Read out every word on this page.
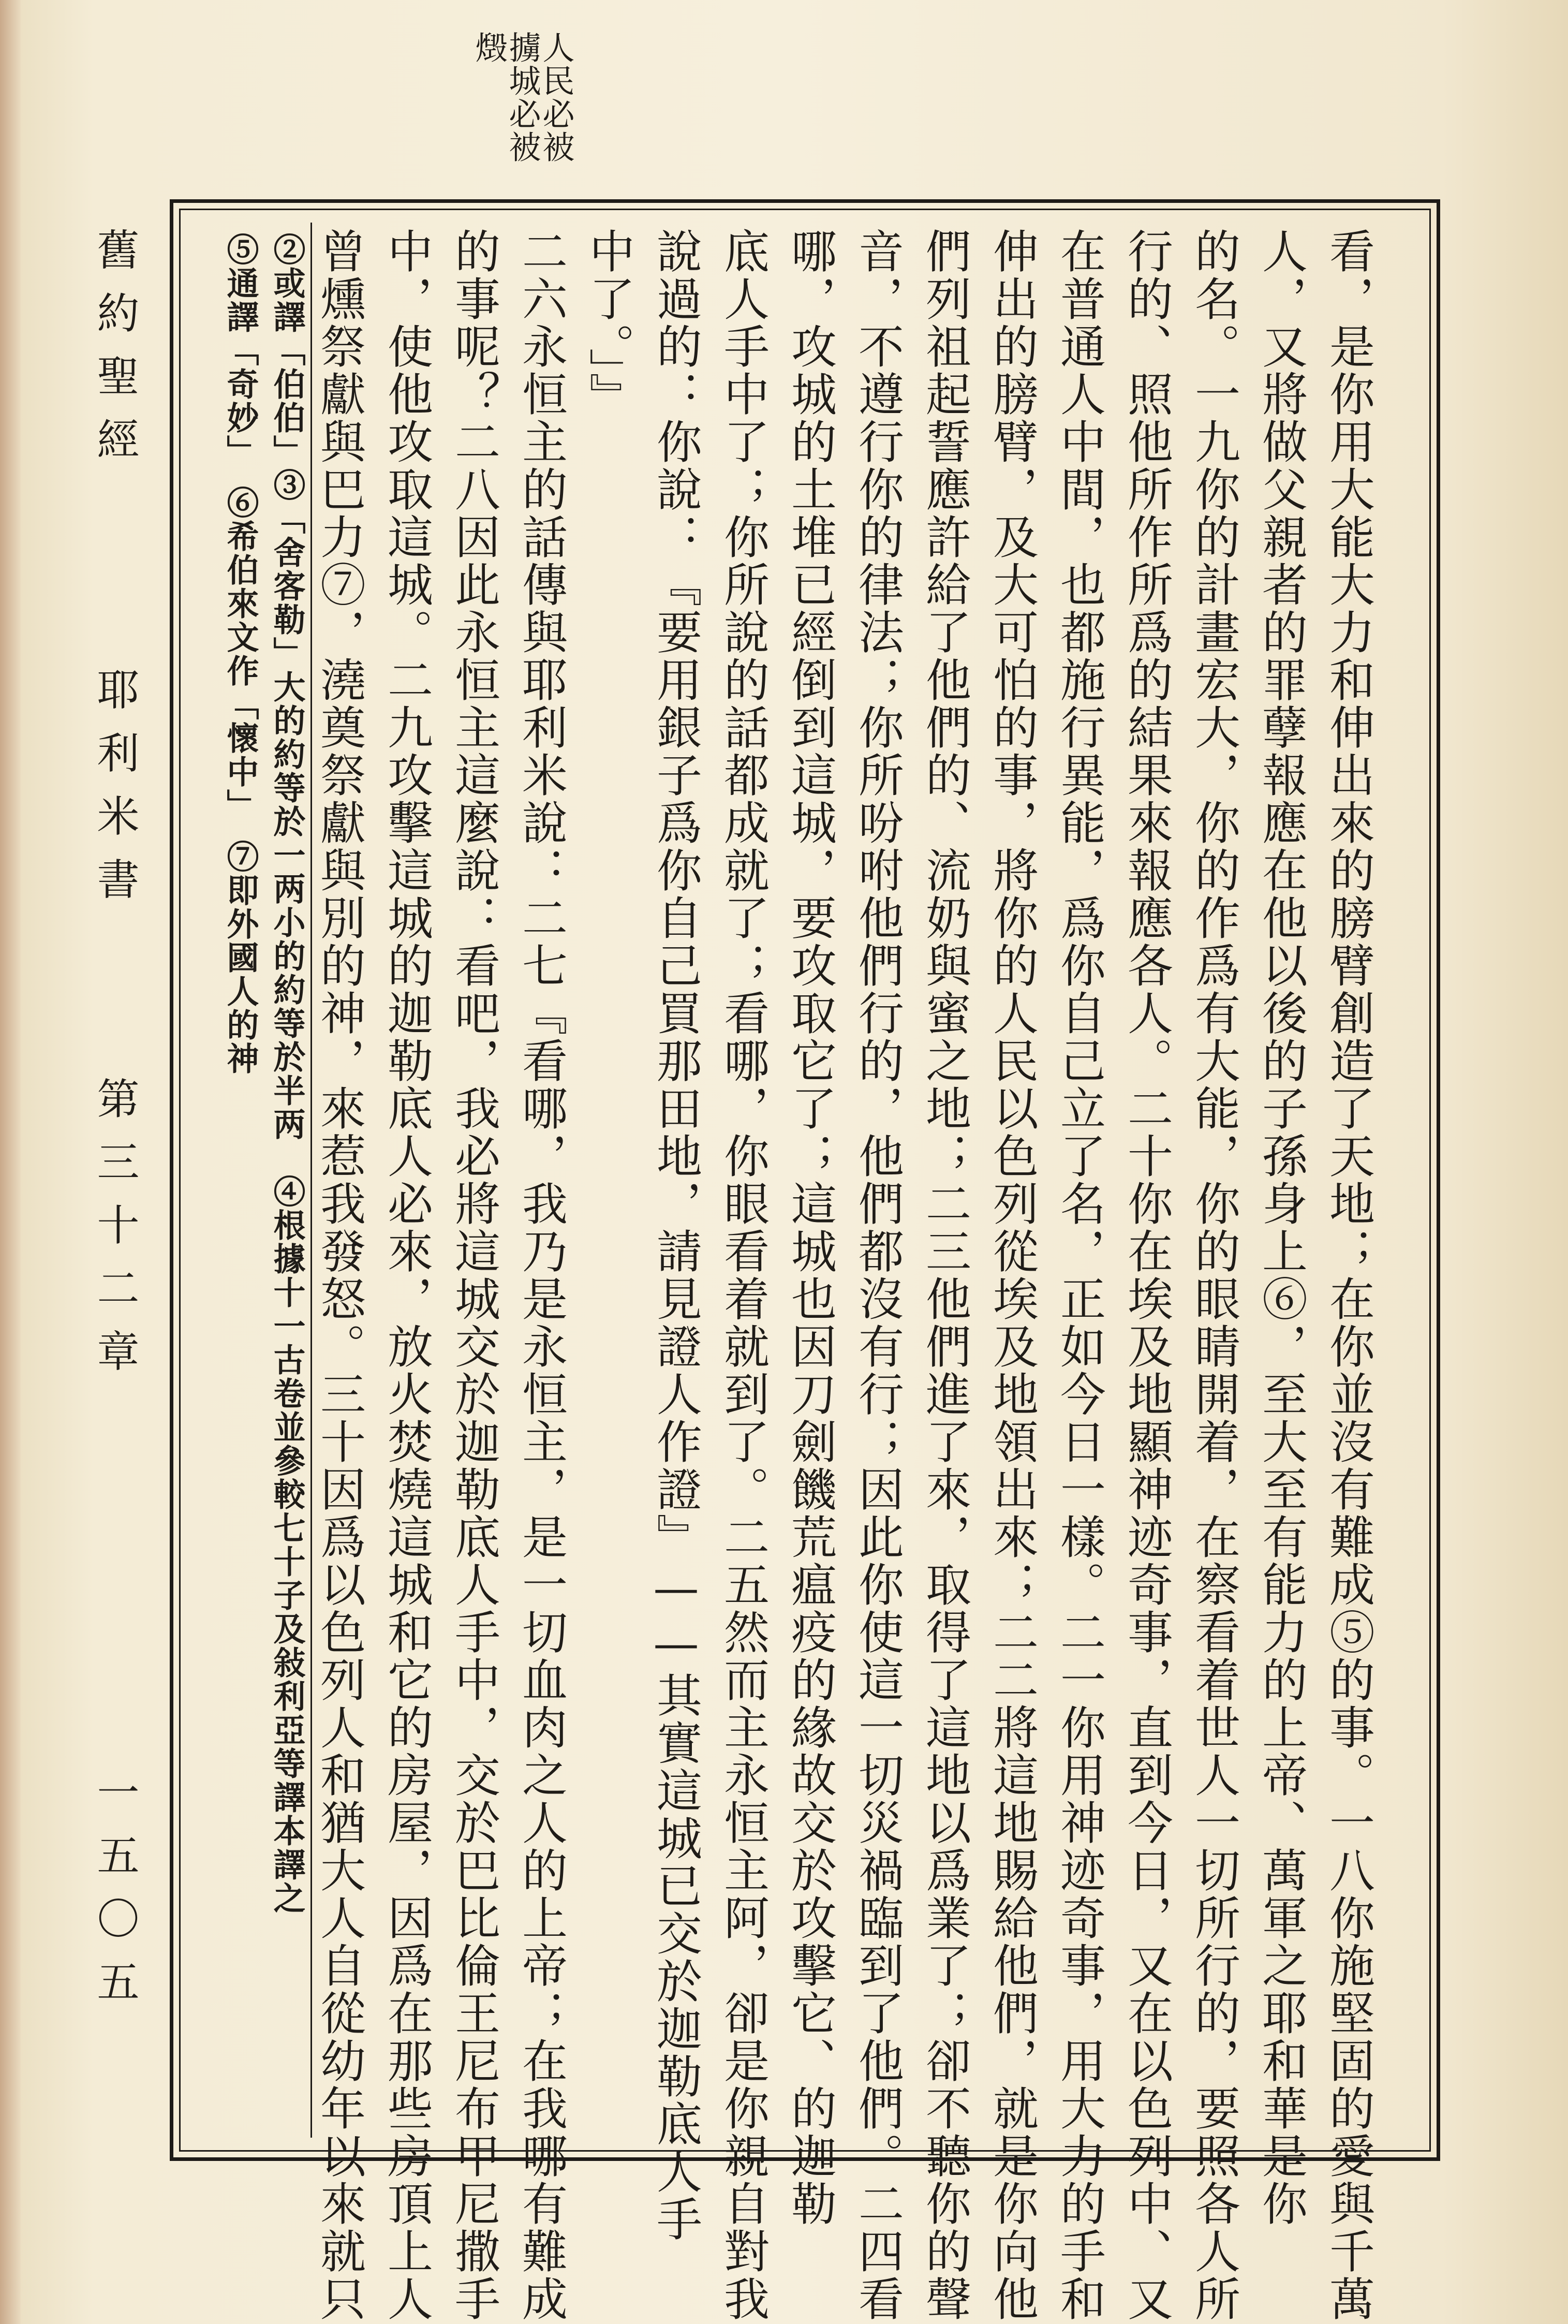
人民必被
擄城必被
燬
看，是你用大能大力和伸出來的膀臂創造了天地；在你並沒有難成⑤的事。一八你施堅固的愛與千萬
人，又將做父親者的罪孽報應在他以後的子孫身上⑥，至大至有能力的上帝、萬軍之耶和華是你
的名。一九你的計畫宏大，你的作爲有大能，你的眼睛開着，在察看着世人一切所行的，要照各人所
行的、照他所作所爲的結果來報應各人。二十你在埃及地顯神迹奇事，直到今日，又在以色列中、又
在普通人中間，也都施行異能，爲你自己立了名，正如今日一樣。二一你用神迹奇事，用大力的手和
伸出的膀臂，及大可怕的事，將你的人民以色列從埃及地領出來；二二將這地賜給他們，就是你向他
們列祖起誓應許給了他們的、流奶與蜜之地；二三他們進了來，取得了這地以爲業了；卻不聽你的聲
音，不遵行你的律法；你所吩咐他們行的，他們都沒有行；因此你使這一切災禍臨到了他們。二四看
哪，攻城的土堆已經倒到這城，要攻取它了；這城也因刀劍饑荒瘟疫的緣故交於攻擊它、的迦勒
底人手中了；你所說的話都成就了；看哪，你眼看着就到了。二五然而主永恒主阿，卻是你親自對我
說過的：你說：『要用銀子爲你自己買那田地，請見證人作證』——其實這城已交於迦勒底人手
中了。」』
二六永恒主的話傳與耶利米說：二七『看哪，我乃是永恒主，是一切血肉之人的上帝；在我哪有難成
的事呢？二八因此永恒主這麼說：看吧，我必將這城交於迦勒底人手中，交於巴比倫王尼布甲尼撒手
中，使他攻取這城。二九攻擊這城的迦勒底人必來，放火焚燒這城和它的房屋，因爲在那些房頂上人
曾燻祭獻與巴力⑦，澆奠祭獻與別的神，來惹我發怒。三十因爲以色列人和猶大人自從幼年以來就只
②或譯「伯伯」③「舍客勒」大的約等於一两小的約等於半两　④根據十一古卷並參較七十子及敍利亞等譯本譯之
⑤通譯「奇妙」　⑥希伯來文作「懷中」　⑦即外國人的神
舊約聖經
耶利米書
第三十二章
一五〇五
